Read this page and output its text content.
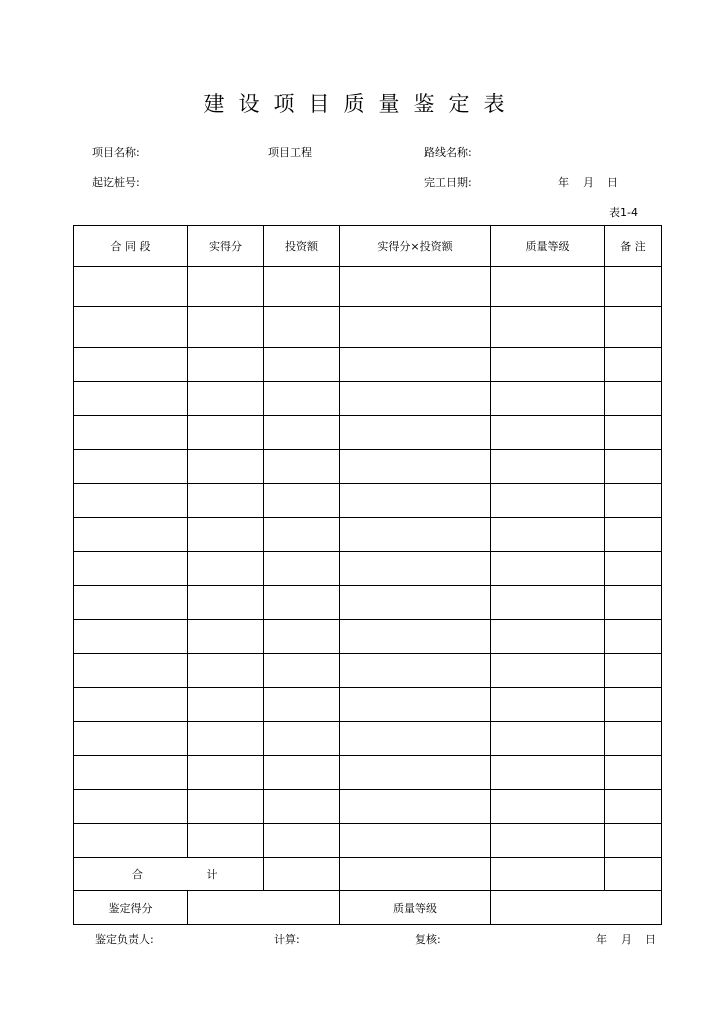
建设项目质量鉴定表
项目名称:	项目工程	路线名称:
起讫桩号:	完工日期:	年 月 日
表1-4
合 同 段	实得分	投资额	实得分×投资额	质量等级	备 注

合 计					
鉴定得分			质量等级		
鉴定负责人:	计算:	复核:	年 月 日
